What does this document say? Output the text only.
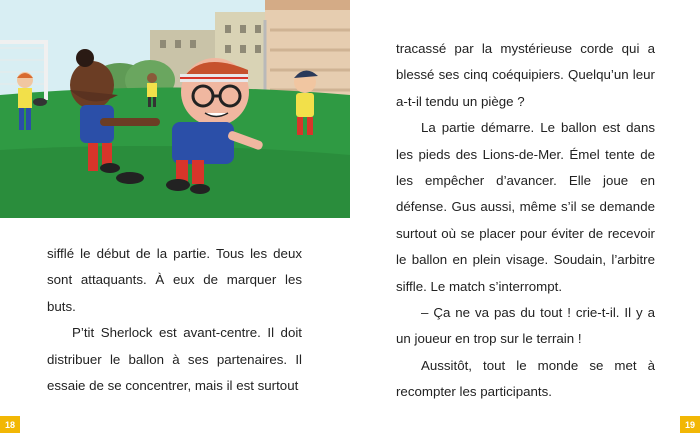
sifflé le début de la partie. Tous les deux sont attaquants. À eux de marquer les buts.

P’tit Sherlock est avant-centre. Il doit distribuer le ballon à ses partenaires. Il essaie de se concentrer, mais il est surtout

18

tracassé par la mystérieuse corde qui a blessé ses cinq coéquipiers. Quelqu’un leur a-t-il tendu un piège ?

La partie démarre. Le ballon est dans les pieds des Lions-de-Mer. Émel tente de les empêcher d’avancer. Elle joue en défense. Gus aussi, même s’il se demande surtout où se placer pour éviter de recevoir le ballon en plein visage. Soudain, l’arbitre siffle. Le match s’interrompt.

– Ça ne va pas du tout ! crie-t-il. Il y a un joueur en trop sur le terrain !

Aussitôt, tout le monde se met à recompter les participants.

19
